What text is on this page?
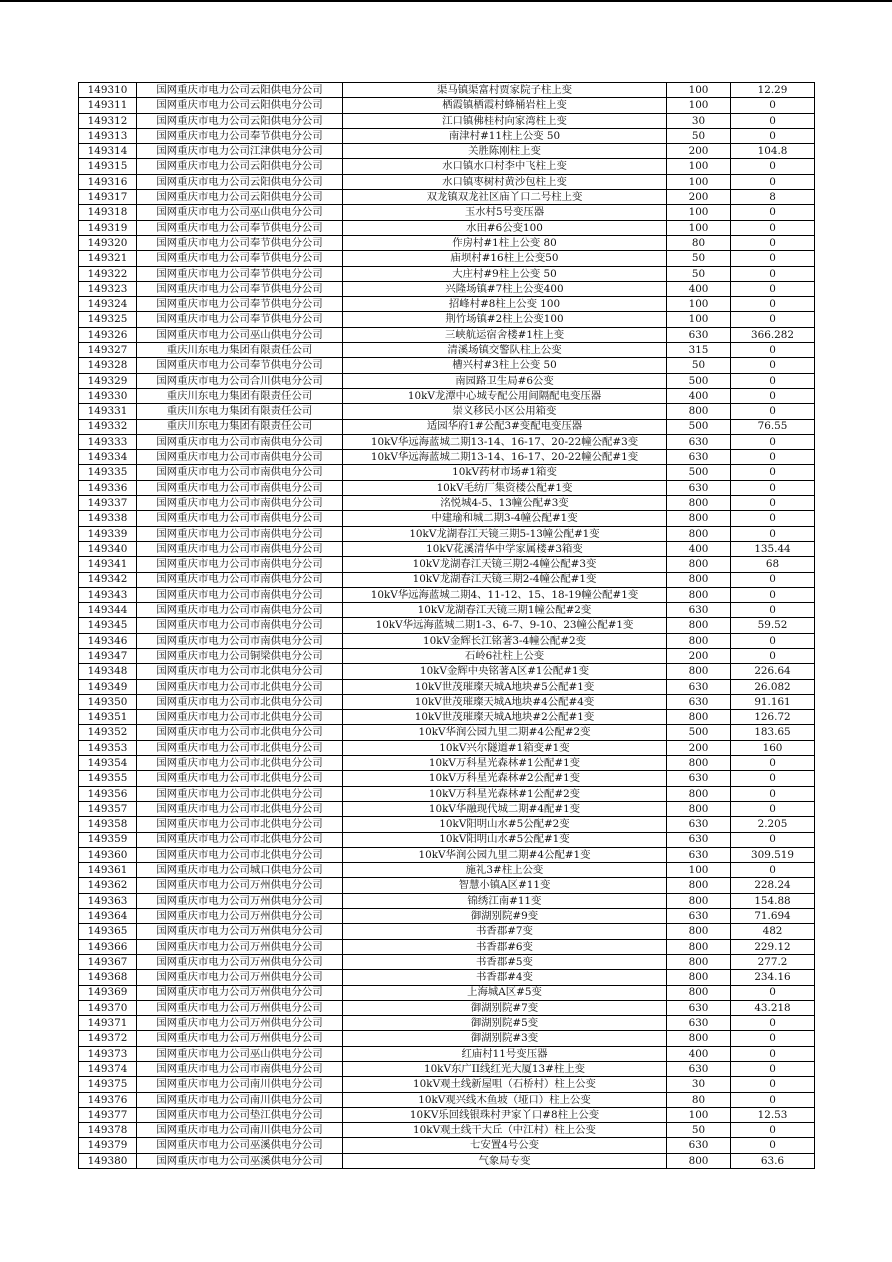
149310	国网重庆市电力公司云阳供电分公司	渠马镇渠富村贾家院子柱上变	100	12.29
149311	国网重庆市电力公司云阳供电分公司	栖霞镇栖霞村蜂桶岩柱上变	100	0
149312	国网重庆市电力公司云阳供电分公司	江口镇佛桂村向家湾柱上变	30	0
149313	国网重庆市电力公司奉节供电分公司	南津村#11柱上公变 50	50	0
149314	国网重庆市电力公司江津供电分公司	关胜陈刚柱上变	200	104.8
149315	国网重庆市电力公司云阳供电分公司	水口镇水口村李中飞柱上变	100	0
149316	国网重庆市电力公司云阳供电分公司	水口镇枣树村黄沙包柱上变	100	0
149317	国网重庆市电力公司云阳供电分公司	双龙镇双龙社区庙丫口二号柱上变	200	8
149318	国网重庆市电力公司巫山供电分公司	玉水村5号变压器	100	0
149319	国网重庆市电力公司奉节供电分公司	水田#6公变100	100	0
149320	国网重庆市电力公司奉节供电分公司	作房村#1柱上公变 80	80	0
149321	国网重庆市电力公司奉节供电分公司	庙坝村#16柱上公变50	50	0
149322	国网重庆市电力公司奉节供电分公司	大庄村#9柱上公变 50	50	0
149323	国网重庆市电力公司奉节供电分公司	兴隆场镇#7柱上公变400	400	0
149324	国网重庆市电力公司奉节供电分公司	招峰村#8柱上公变 100	100	0
149325	国网重庆市电力公司奉节供电分公司	荆竹场镇#2柱上公变100	100	0
149326	国网重庆市电力公司巫山供电分公司	三峡航运宿舍楼#1柱上变	630	366.282
149327	重庆川东电力集团有限责任公司	清溪场镇交警队柱上公变	315	0
149328	国网重庆市电力公司奉节供电分公司	槽兴村#3柱上公变 50	50	0
149329	国网重庆市电力公司合川供电分公司	南园路卫生局#6公变	500	0
149330	重庆川东电力集团有限责任公司	10kV龙潭中心城专配公用间隔配电变压器	400	0
149331	重庆川东电力集团有限责任公司	崇义移民小区公用箱变	800	0
149332	重庆川东电力集团有限责任公司	适园华府1#公配3#变配电变压器	500	76.55
149333	国网重庆市电力公司市南供电分公司	10kV华远海蓝城二期13-14、16-17、20-22幢公配#3变	630	0
149334	国网重庆市电力公司市南供电分公司	10kV华远海蓝城二期13-14、16-17、20-22幢公配#1变	630	0
149335	国网重庆市电力公司市南供电分公司	10kV药材市场#1箱变	500	0
149336	国网重庆市电力公司市南供电分公司	10kV毛纺厂集资楼公配#1变	630	0
149337	国网重庆市电力公司市南供电分公司	洺悦城4-5、13幢公配#3变	800	0
149338	国网重庆市电力公司市南供电分公司	中建瑜和城二期3-4幢公配#1变	800	0
149339	国网重庆市电力公司市南供电分公司	10kV龙湖春江天镜三期5-13幢公配#1变	800	0
149340	国网重庆市电力公司市南供电分公司	10kV花溪清华中学家属楼#3箱变	400	135.44
149341	国网重庆市电力公司市南供电分公司	10kV龙湖春江天镜三期2-4幢公配#3变	800	68
149342	国网重庆市电力公司市南供电分公司	10kV龙湖春江天镜三期2-4幢公配#1变	800	0
149343	国网重庆市电力公司市南供电分公司	10kV华远海蓝城二期4、11-12、15、18-19幢公配#1变	800	0
149344	国网重庆市电力公司市南供电分公司	10kV龙湖春江天镜三期1幢公配#2变	630	0
149345	国网重庆市电力公司市南供电分公司	10kV华远海蓝城二期1-3、6-7、9-10、23幢公配#1变	800	59.52
149346	国网重庆市电力公司市南供电分公司	10kV金辉长江铭著3-4幢公配#2变	800	0
149347	国网重庆市电力公司铜梁供电分公司	石岭6社柱上公变	200	0
149348	国网重庆市电力公司市北供电分公司	10kV金辉中央铭著A区#1公配#1变	800	226.64
149349	国网重庆市电力公司市北供电分公司	10kV世茂璀璨天城A地块#5公配#1变	630	26.082
149350	国网重庆市电力公司市北供电分公司	10kV世茂璀璨天城A地块#4公配#4变	630	91.161
149351	国网重庆市电力公司市北供电分公司	10kV世茂璀璨天城A地块#2公配#1变	800	126.72
149352	国网重庆市电力公司市北供电分公司	10kV华润公园九里二期#4公配#2变	500	183.65
149353	国网重庆市电力公司市北供电分公司	10kV兴尔隧道#1箱变#1变	200	160
149354	国网重庆市电力公司市北供电分公司	10kV万科星光森林#1公配#1变	800	0
149355	国网重庆市电力公司市北供电分公司	10kV万科星光森林#2公配#1变	630	0
149356	国网重庆市电力公司市北供电分公司	10kV万科星光森林#1公配#2变	800	0
149357	国网重庆市电力公司市北供电分公司	10kV华融现代城二期#4配#1变	800	0
149358	国网重庆市电力公司市北供电分公司	10kV阳明山水#5公配#2变	630	2.205
149359	国网重庆市电力公司市北供电分公司	10kV阳明山水#5公配#1变	630	0
149360	国网重庆市电力公司市北供电分公司	10kV华润公园九里二期#4公配#1变	630	309.519
149361	国网重庆市电力公司城口供电分公司	施礼3#柱上公变	100	0
149362	国网重庆市电力公司万州供电分公司	智慧小镇A区#11变	800	228.24
149363	国网重庆市电力公司万州供电分公司	锦绣江南#11变	800	154.88
149364	国网重庆市电力公司万州供电分公司	御湖别院#9变	630	71.694
149365	国网重庆市电力公司万州供电分公司	书香郡#7变	800	482
149366	国网重庆市电力公司万州供电分公司	书香郡#6变	800	229.12
149367	国网重庆市电力公司万州供电分公司	书香郡#5变	800	277.2
149368	国网重庆市电力公司万州供电分公司	书香郡#4变	800	234.16
149369	国网重庆市电力公司万州供电分公司	上海城A区#5变	800	0
149370	国网重庆市电力公司万州供电分公司	御湖别院#7变	630	43.218
149371	国网重庆市电力公司万州供电分公司	御湖别院#5变	630	0
149372	国网重庆市电力公司万州供电分公司	御湖别院#3变	800	0
149373	国网重庆市电力公司巫山供电分公司	红庙村11号变压器	400	0
149374	国网重庆市电力公司市南供电分公司	10kV东广II线红光大厦13#柱上变	630	0
149375	国网重庆市电力公司南川供电分公司	10kV观土线新屋咀（石桥村）柱上公变	30	0
149376	国网重庆市电力公司南川供电分公司	10kV观兴线木鱼坡（垭口）柱上公变	80	0
149377	国网重庆市电力公司垫江供电分公司	10KV乐回线银珠村尹家丫口#8柱上公变	100	12.53
149378	国网重庆市电力公司南川供电分公司	10kV观土线干大丘（中江村）柱上公变	50	0
149379	国网重庆市电力公司巫溪供电分公司	七安置4号公变	630	0
149380	国网重庆市电力公司巫溪供电分公司	气象局专变	800	63.6
